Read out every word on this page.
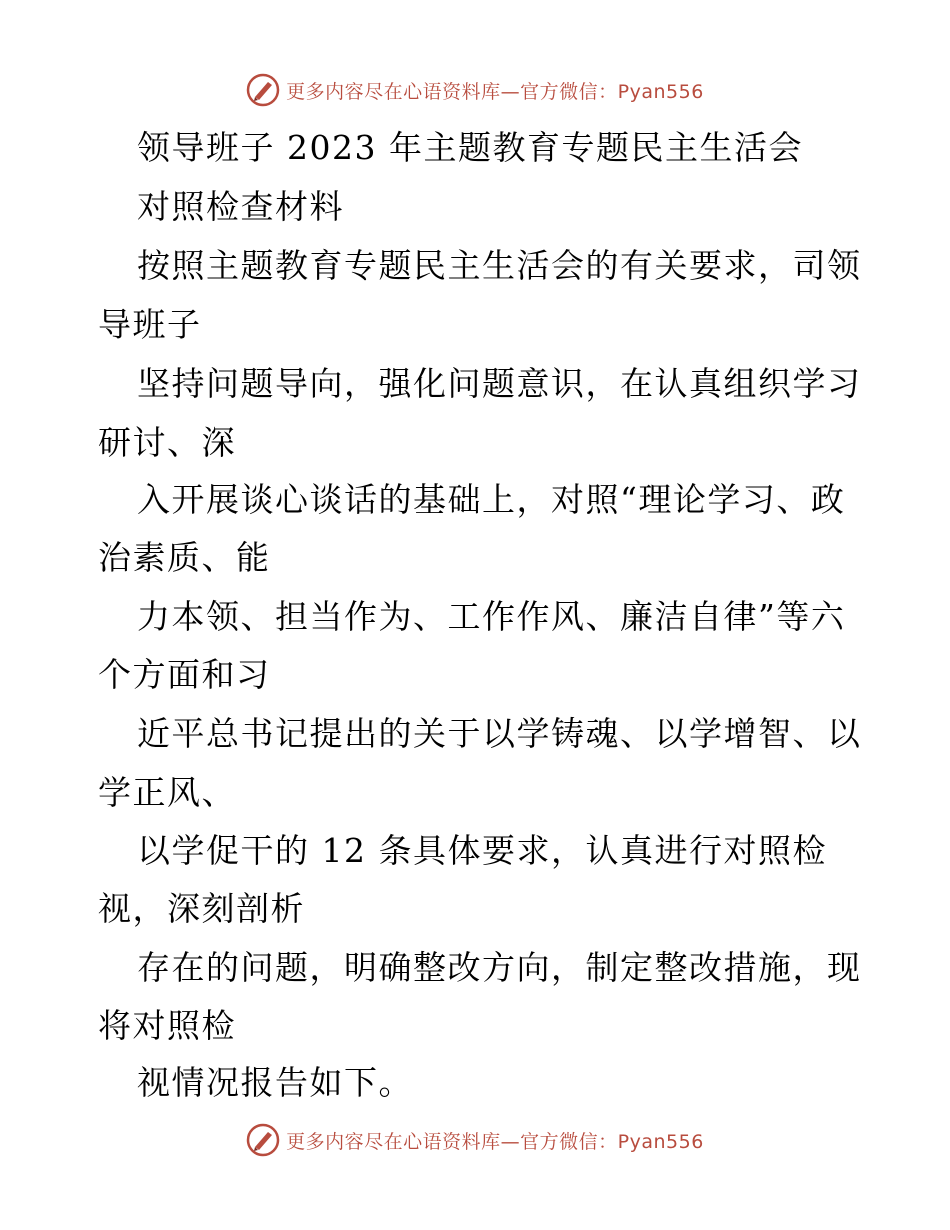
更多内容尽在心语资料库—官方微信：Pyan556
领导班子 2023 年主题教育专题民主生活会
对照检查材料
按照主题教育专题民主生活会的有关要求，司领
导班子
坚持问题导向，强化问题意识，在认真组织学习
研讨、深
入开展谈心谈话的基础上，对照“理论学习、政
治素质、能
力本领、担当作为、工作作风、廉洁自律”等六
个方面和习
近平总书记提出的关于以学铸魂、以学增智、以
学正风、
以学促干的 12 条具体要求，认真进行对照检
视，深刻剖析
存在的问题，明确整改方向，制定整改措施，现
将对照检
视情况报告如下。
更多内容尽在心语资料库—官方微信：Pyan556
